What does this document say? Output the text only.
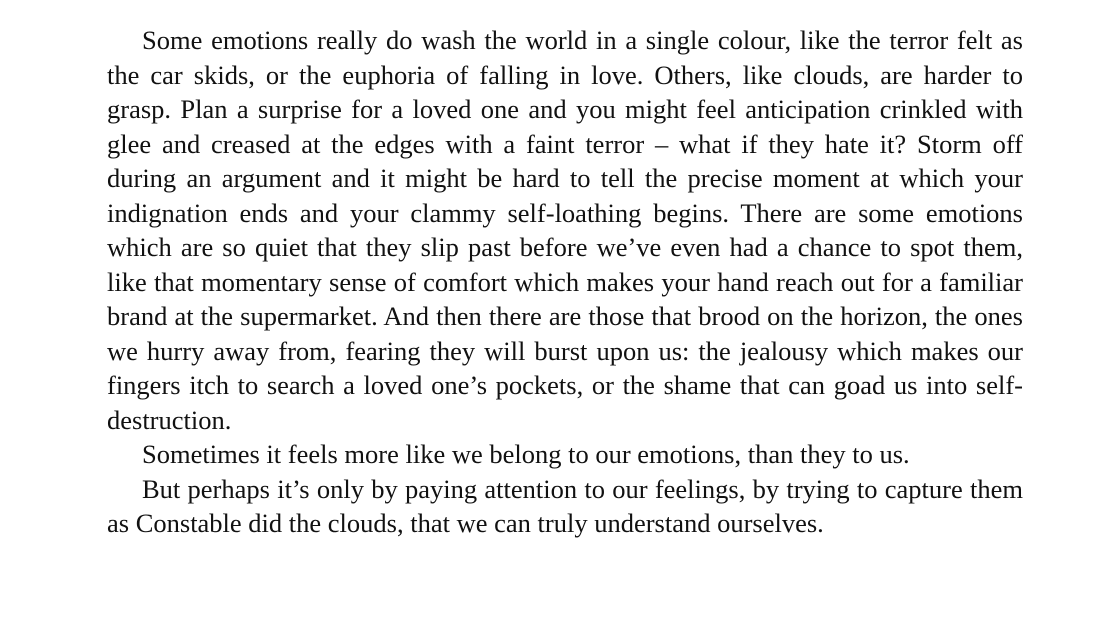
Some emotions really do wash the world in a single colour, like the terror felt as the car skids, or the euphoria of falling in love. Others, like clouds, are harder to grasp. Plan a surprise for a loved one and you might feel anticipation crinkled with glee and creased at the edges with a faint terror – what if they hate it? Storm off during an argument and it might be hard to tell the precise moment at which your indignation ends and your clammy self-loathing begins. There are some emotions which are so quiet that they slip past before we’ve even had a chance to spot them, like that momentary sense of comfort which makes your hand reach out for a familiar brand at the supermarket. And then there are those that brood on the horizon, the ones we hurry away from, fearing they will burst upon us: the jealousy which makes our fingers itch to search a loved one’s pockets, or the shame that can goad us into self-destruction.

Sometimes it feels more like we belong to our emotions, than they to us.

But perhaps it’s only by paying attention to our feelings, by trying to capture them as Constable did the clouds, that we can truly understand ourselves.
